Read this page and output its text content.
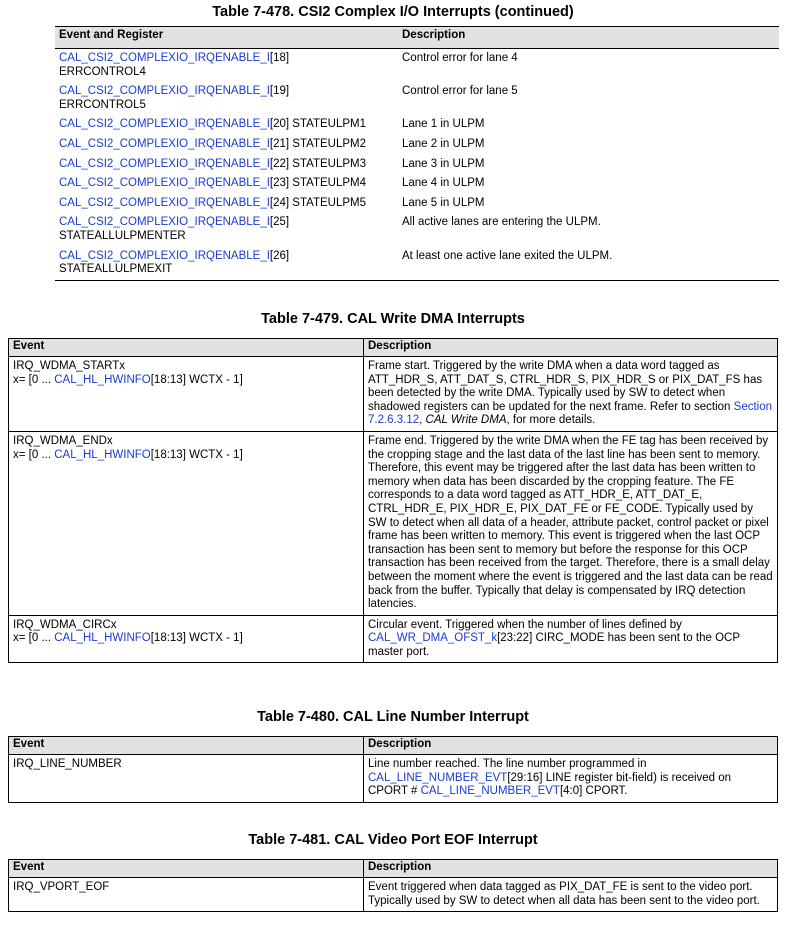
Table 7-478. CSI2 Complex I/O Interrupts (continued)
Event and Register	Description
CAL_CSI2_COMPLEXIO_IRQENABLE_I[18]
ERRCONTROL4	Control error for lane 4
CAL_CSI2_COMPLEXIO_IRQENABLE_I[19]
ERRCONTROL5	Control error for lane 5
CAL_CSI2_COMPLEXIO_IRQENABLE_I[20] STATEULPM1	Lane 1 in ULPM
CAL_CSI2_COMPLEXIO_IRQENABLE_I[21] STATEULPM2	Lane 2 in ULPM
CAL_CSI2_COMPLEXIO_IRQENABLE_I[22] STATEULPM3	Lane 3 in ULPM
CAL_CSI2_COMPLEXIO_IRQENABLE_I[23] STATEULPM4	Lane 4 in ULPM
CAL_CSI2_COMPLEXIO_IRQENABLE_I[24] STATEULPM5	Lane 5 in ULPM
CAL_CSI2_COMPLEXIO_IRQENABLE_I[25]
STATEALLULPMENTER	All active lanes are entering the ULPM.
CAL_CSI2_COMPLEXIO_IRQENABLE_I[26]
STATEALLULPMEXIT	At least one active lane exited the ULPM.
Table 7-479. CAL Write DMA Interrupts
Event	Description
IRQ_WDMA_STARTx
x= [0 ... CAL_HL_HWINFO[18:13] WCTX - 1]	Frame start. Triggered by the write DMA when a data word tagged as ATT_HDR_S, ATT_DAT_S, CTRL_HDR_S, PIX_HDR_S or PIX_DAT_FS has been detected by the write DMA. Typically used by SW to detect when shadowed registers can be updated for the next frame. Refer to section Section 7.2.6.3.12, CAL Write DMA, for more details.
IRQ_WDMA_ENDx
x= [0 ... CAL_HL_HWINFO[18:13] WCTX - 1]	Frame end. Triggered by the write DMA when the FE tag has been received by the cropping stage and the last data of the last line has been sent to memory. Therefore, this event may be triggered after the last data has been written to memory when data has been discarded by the cropping feature. The FE corresponds to a data word tagged as ATT_HDR_E, ATT_DAT_E, CTRL_HDR_E, PIX_HDR_E, PIX_DAT_FE or FE_CODE. Typically used by SW to detect when all data of a header, attribute packet, control packet or pixel frame has been written to memory. This event is triggered when the last OCP transaction has been sent to memory but before the response for this OCP transaction has been received from the target. Therefore, there is a small delay between the moment where the event is triggered and the last data can be read back from the buffer. Typically that delay is compensated by IRQ detection latencies.
IRQ_WDMA_CIRCx
x= [0 ... CAL_HL_HWINFO[18:13] WCTX - 1]	Circular event. Triggered when the number of lines defined by CAL_WR_DMA_OFST_k[23:22] CIRC_MODE has been sent to the OCP master port.
Table 7-480. CAL Line Number Interrupt
Event	Description
IRQ_LINE_NUMBER	Line number reached. The line number programmed in CAL_LINE_NUMBER_EVT[29:16] LINE register bit-field) is received on CPORT # CAL_LINE_NUMBER_EVT[4:0] CPORT.
Table 7-481. CAL Video Port EOF Interrupt
Event	Description
IRQ_VPORT_EOF	Event triggered when data tagged as PIX_DAT_FE is sent to the video port. Typically used by SW to detect when all data has been sent to the video port.
